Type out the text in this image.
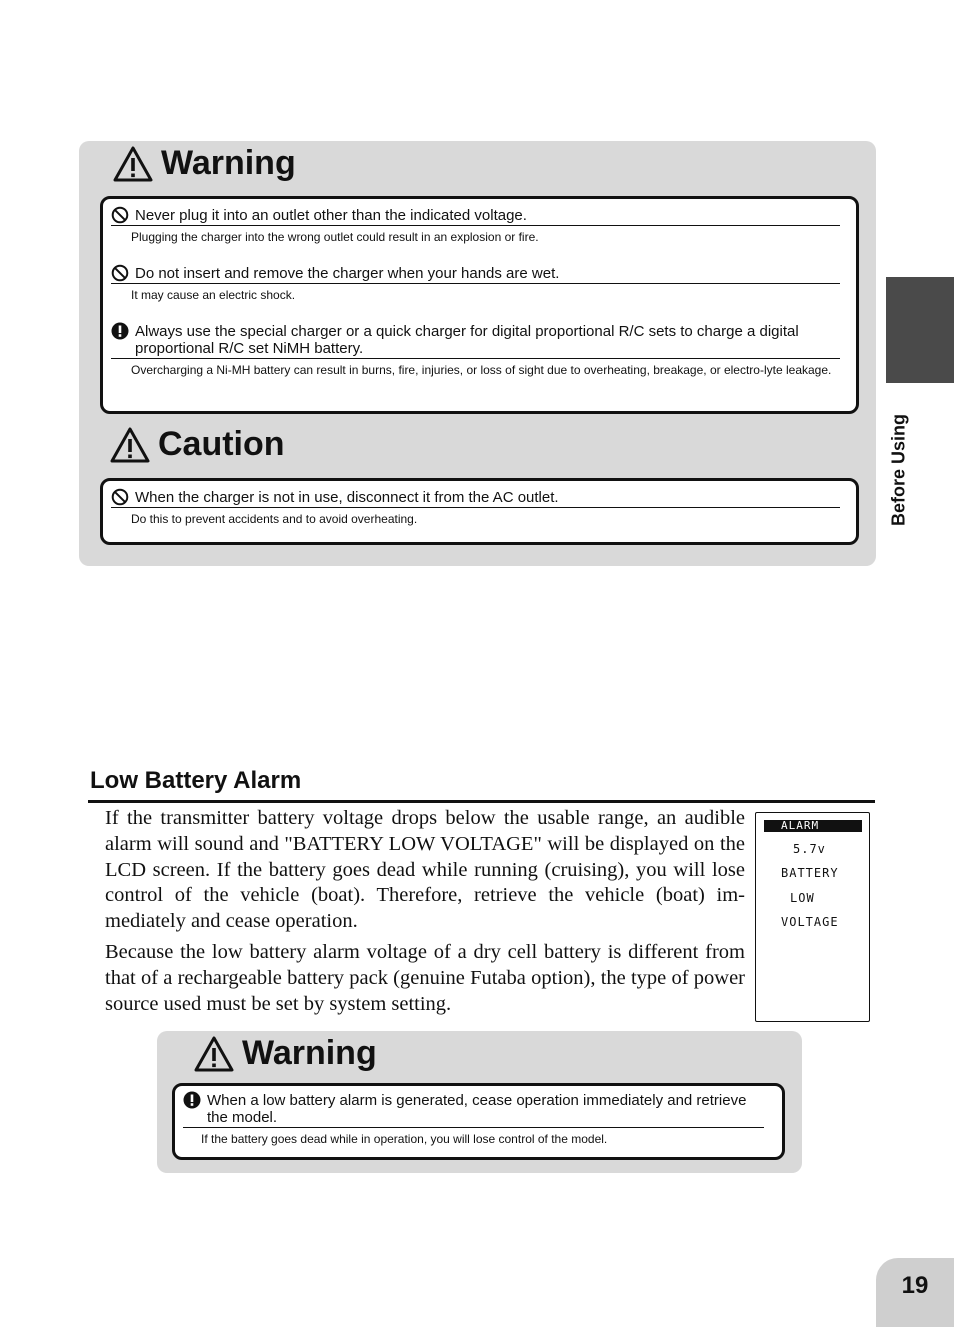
Warning
Never plug it into an outlet other than the indicated voltage.
Plugging the charger into the wrong outlet could result in an explosion or fire.
Do not insert and remove the charger when your hands are wet.
It may cause an electric shock.
Always use the special charger or a quick charger for digital proportional R/C sets to charge a digital proportional R/C set NiMH battery.
Overcharging a Ni-MH battery can result in burns, fire, injuries, or loss of sight due to overheating, breakage, or electro-lyte leakage.
Caution
When the charger is not in use, disconnect it from the AC outlet.
Do this to prevent accidents and to avoid overheating.	Before Using
Low Battery Alarm

If the transmitter battery voltage drops below the usable range, an audible alarm will sound and "BATTERY LOW VOLTAGE" will be displayed on the LCD screen. If the battery goes dead while running (cruising), you will lose control of the vehicle (boat). Therefore, retrieve the vehicle (boat) im-mediately and cease operation.

Because the low battery alarm voltage of a dry cell battery is different from that of a rechargeable battery pack (genuine Futaba option), the type of power source used must be set by system setting.

ALARM
5.7v
BATTERY
LOW
VOLTAGE
Warning
When a low battery alarm is generated, cease operation immediately and retrieve the model.
If the battery goes dead while in operation, you will lose control of the model.
19
